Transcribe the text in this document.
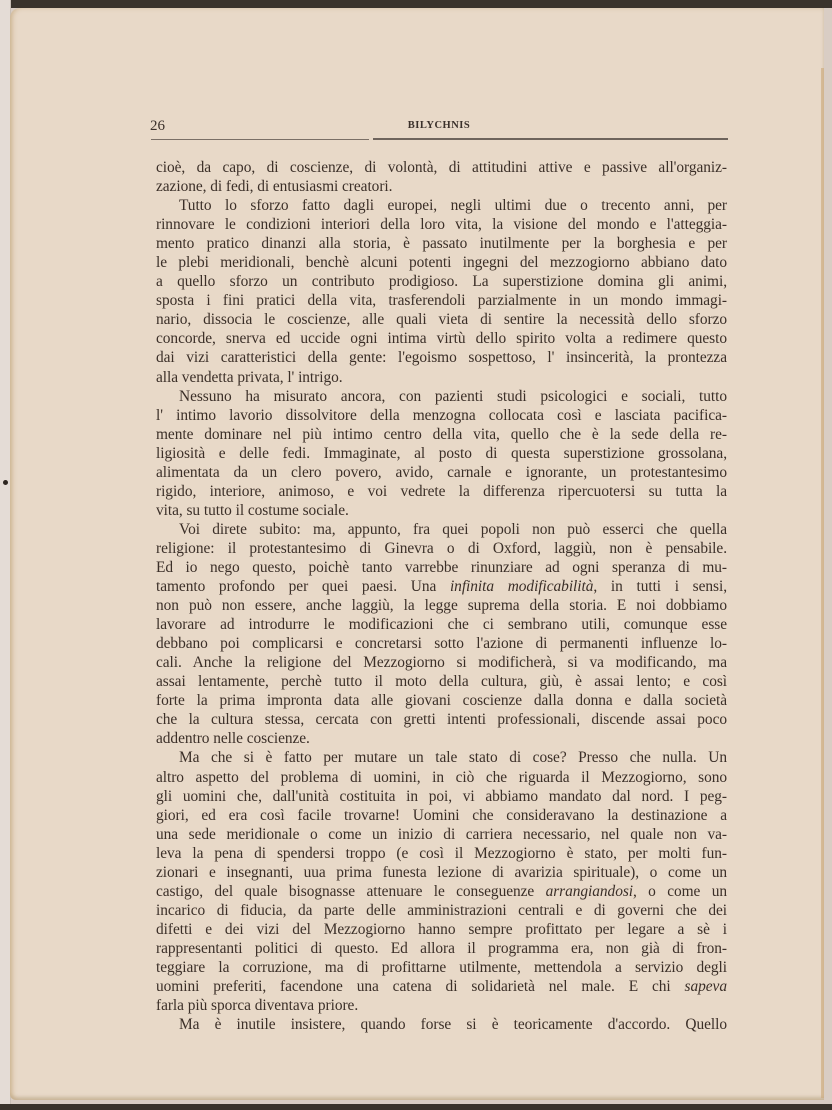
26	BILYCHNIS
cioè, da capo, di coscienze, di volontà, di attitudini attive e passive all'organiz-
zazione, di fedi, di entusiasmi creatori.
Tutto lo sforzo fatto dagli europei, negli ultimi due o trecento anni, per
rinnovare le condizioni interiori della loro vita, la visione del mondo e l'atteggia-
mento pratico dinanzi alla storia, è passato inutilmente per la borghesia e per
le plebi meridionali, benchè alcuni potenti ingegni del mezzogiorno abbiano dato
a quello sforzo un contributo prodigioso. La superstizione domina gli animi,
sposta i fini pratici della vita, trasferendoli parzialmente in un mondo immagi-
nario, dissocia le coscienze, alle quali vieta di sentire la necessità dello sforzo
concorde, snerva ed uccide ogni intima virtù dello spirito volta a redimere questo
dai vizi caratteristici della gente: l'egoismo sospettoso, l' insincerità, la prontezza
alla vendetta privata, l' intrigo.
Nessuno ha misurato ancora, con pazienti studi psicologici e sociali, tutto
l' intimo lavorio dissolvitore della menzogna collocata così e lasciata pacifica-
mente dominare nel più intimo centro della vita, quello che è la sede della re-
ligiosità e delle fedi. Immaginate, al posto di questa superstizione grossolana,
alimentata da un clero povero, avido, carnale e ignorante, un protestantesimo
rigido, interiore, animoso, e voi vedrete la differenza ripercuotersi su tutta la
vita, su tutto il costume sociale.
Voi direte subito: ma, appunto, fra quei popoli non può esserci che quella
religione: il protestantesimo di Ginevra o di Oxford, laggiù, non è pensabile.
Ed io nego questo, poichè tanto varrebbe rinunziare ad ogni speranza di mu-
tamento profondo per quei paesi. Una infinita modificabilità, in tutti i sensi,
non può non essere, anche laggiù, la legge suprema della storia. E noi dobbiamo
lavorare ad introdurre le modificazioni che ci sembrano utili, comunque esse
debbano poi complicarsi e concretarsi sotto l'azione di permanenti influenze lo-
cali. Anche la religione del Mezzogiorno si modificherà, si va modificando, ma
assai lentamente, perchè tutto il moto della cultura, giù, è assai lento; e così
forte la prima impronta data alle giovani coscienze dalla donna e dalla società
che la cultura stessa, cercata con gretti intenti professionali, discende assai poco
addentro nelle coscienze.
Ma che si è fatto per mutare un tale stato di cose? Presso che nulla. Un
altro aspetto del problema di uomini, in ciò che riguarda il Mezzogiorno, sono
gli uomini che, dall'unità costituita in poi, vi abbiamo mandato dal nord. I peg-
giori, ed era così facile trovarne! Uomini che consideravano la destinazione a
una sede meridionale o come un inizio di carriera necessario, nel quale non va-
leva la pena di spendersi troppo (e così il Mezzogiorno è stato, per molti fun-
zionari e insegnanti, uua prima funesta lezione di avarizia spirituale), o come un
castigo, del quale bisognasse attenuare le conseguenze arrangiandosi, o come un
incarico di fiducia, da parte delle amministrazioni centrali e di governi che dei
difetti e dei vizi del Mezzogiorno hanno sempre profittato per legare a sè i
rappresentanti politici di questo. Ed allora il programma era, non già di fron-
teggiare la corruzione, ma di profittarne utilmente, mettendola a servizio degli
uomini preferiti, facendone una catena di solidarietà nel male. E chi sapeva
farla più sporca diventava priore.
Ma è inutile insistere, quando forse si è teoricamente d'accordo. Quello
